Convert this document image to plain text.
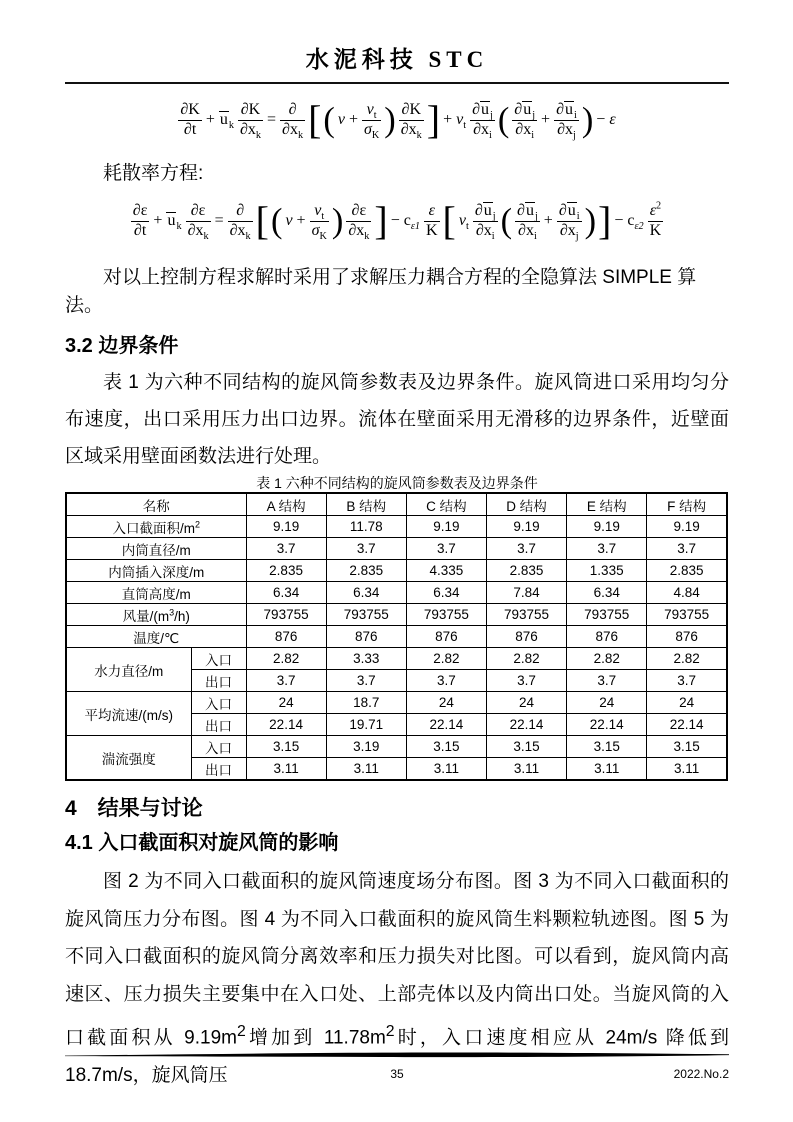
水泥科技 STC
∂K
∂t
+ $u_k$
∂K
$\partial x_k$
=
∂
$\partial x_k$ [ ( ν +
$\nu_t$
$\sigma_K$ ) ∂K
$\partial x_k$ ] + $\nu_t$
$\partial u_j$
$\partial x_i$ ( $\partial u_j$
$\partial x_i$
+
$\partial u_i$
$\partial x_j$ ) − ε
耗散率方程:
∂ε
∂t
+ $u_k$
∂ε
$\partial x_k$
=
∂
$\partial x_k$ [ ( ν +
$\nu_t$
$\sigma_K$ ) ∂ε
$\partial x_k$ ] − $c_{\varepsilon 1}$
ε
K [ $\nu_t$
$\partial u_j$
$\partial x_i$ ( $\partial u_j$
$\partial x_i$
+
$\partial u_i$
$\partial x_j$ ) ] − $c_{\varepsilon 2}$
$\varepsilon^2$
K
对以上控制方程求解时采用了求解压力耦合方程的全隐算法 SIMPLE 算法。
3.2 边界条件
表 1 为六种不同结构的旋风筒参数表及边界条件。旋风筒进口采用均匀分布速度，出口采用压力出口边界。流体在壁面采用无滑移的边界条件，近壁面区域采用壁面函数法进行处理。
表 1 六种不同结构的旋风筒参数表及边界条件
名称		A 结构	B 结构	C 结构	D 结构	E 结构	F 结构
入口截面积$/m^2$		9.19	11.78	9.19	9.19	9.19	9.19
内筒直径/m		3.7	3.7	3.7	3.7	3.7	3.7
内筒插入深度/m		2.835	2.835	4.335	2.835	1.335	2.835
直筒高度/m		6.34	6.34	6.34	7.84	6.34	4.84
风量$/(m^3/h)$		793755	793755	793755	793755	793755	793755
温度/℃		876	876	876	876	876	876
水力直径/m	入口	2.82	3.33	2.82	2.82	2.82	2.82
	出口	3.7	3.7	3.7	3.7	3.7	3.7
平均流速/(m/s)	入口	24	18.7	24	24	24	24
	出口	22.14	19.71	22.14	22.14	22.14	22.14
湍流强度	入口	3.15	3.19	3.15	3.15	3.15	3.15
	出口	3.11	3.11	3.11	3.11	3.11	3.11
4　结果与讨论
4.1 入口截面积对旋风筒的影响
图 2 为不同入口截面积的旋风筒速度场分布图。图 3 为不同入口截面积的旋风筒压力分布图。图 4 为不同入口截面积的旋风筒生料颗粒轨迹图。图 5 为不同入口截面积的旋风筒分离效率和压力损失对比图。可以看到，旋风筒内高速区、压力损失主要集中在入口处、上部壳体以及内筒出口处。当旋风筒的入口截面积从 $9.19m^2$增加到 $11.78m^2$时，入口速度相应从 24m/s 降低到 18.7m/s，旋风筒压	35	2022.No.2
